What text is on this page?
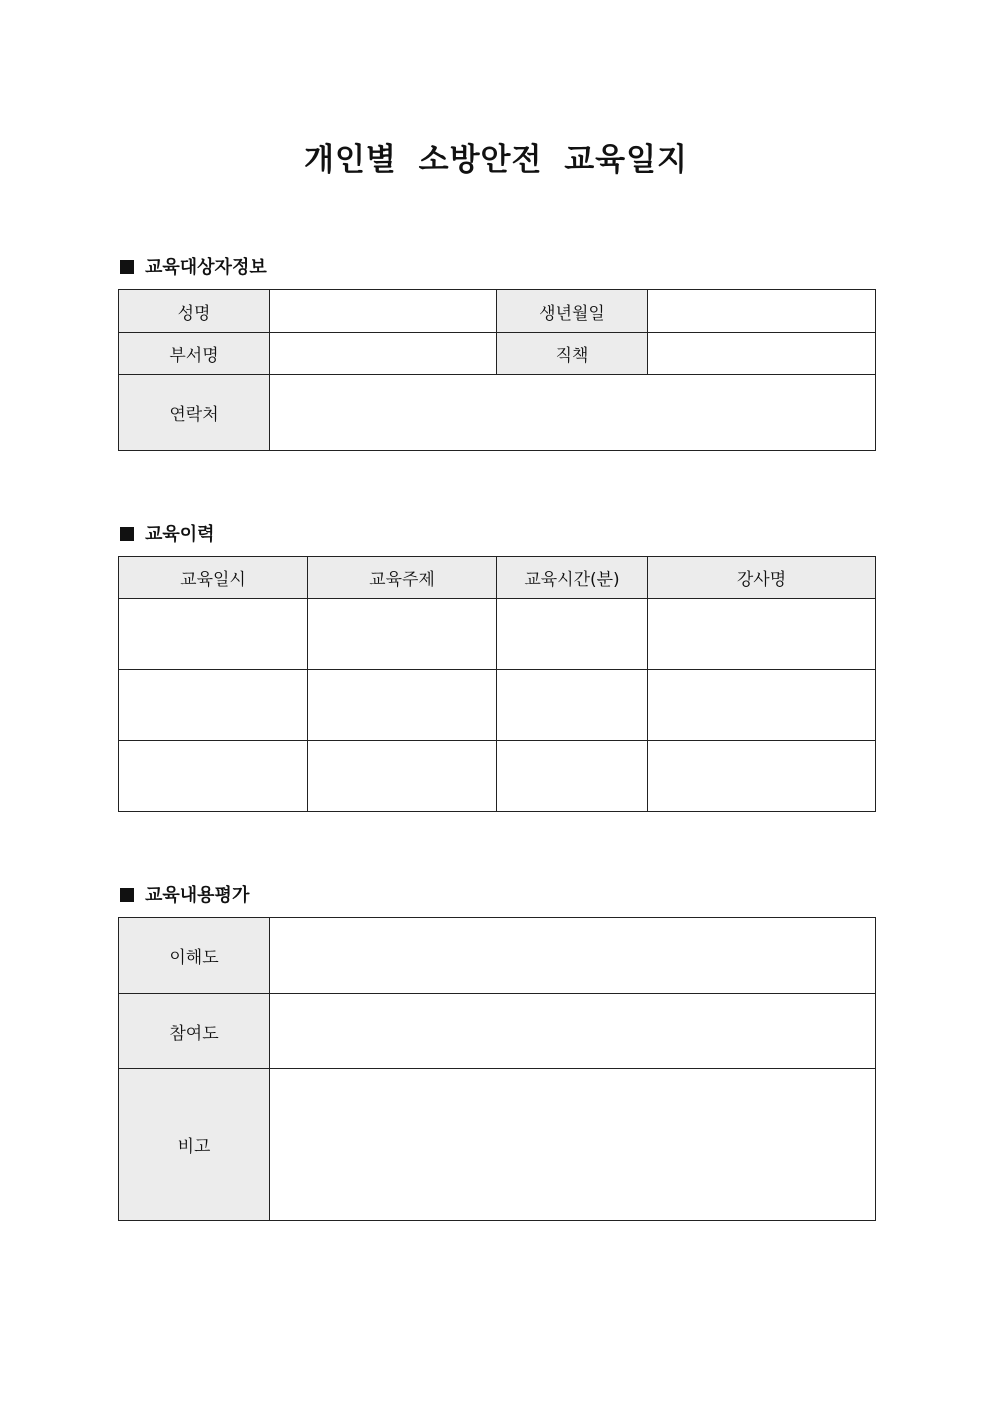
개인별 소방안전 교육일지
교육대상자정보
성명		생년월일	
부서명		직책	
연락처			
교육이력
교육일시	교육주제	교육시간(분)	강사명

교육내용평가
이해도	
참여도	
비고	
